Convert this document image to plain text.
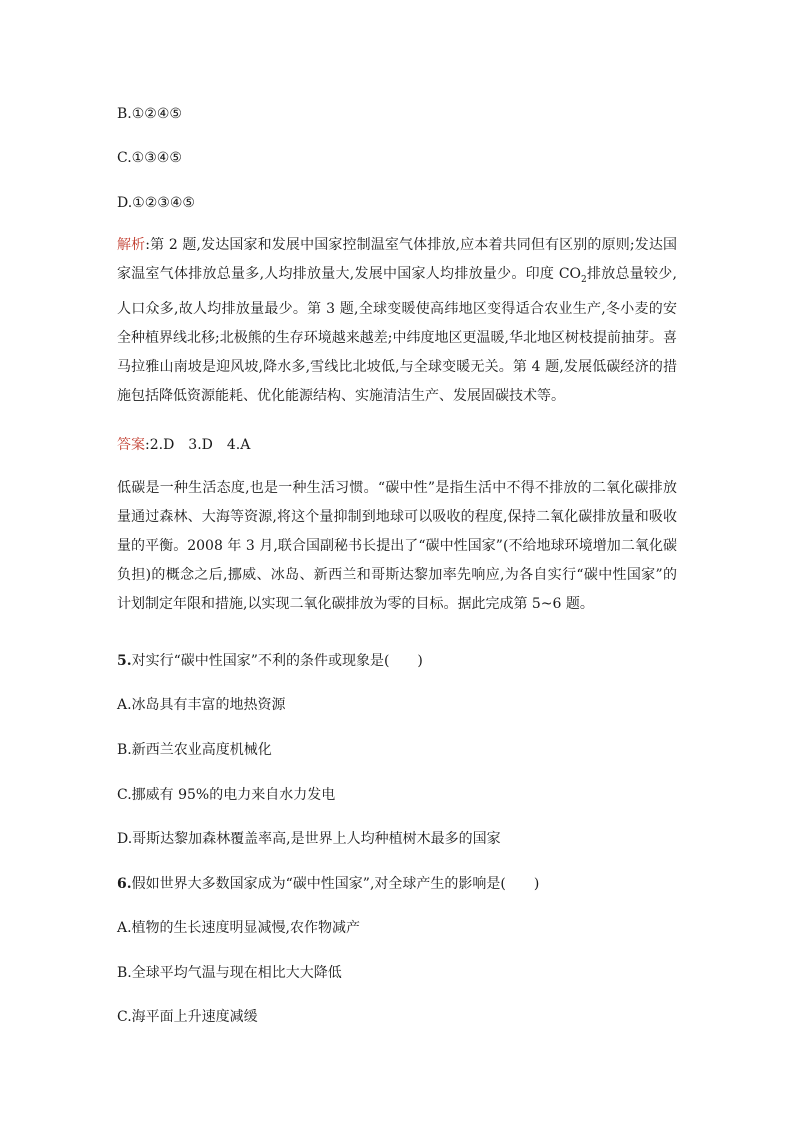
B.①②④⑤
C.①③④⑤
D.①②③④⑤
解析:第 2 题,发达国家和发展中国家控制温室气体排放,应本着共同但有区别的原则;发达国家温室气体排放总量多,人均排放量大,发展中国家人均排放量少。印度 $CO_2$排放总量较少,人口众多,故人均排放量最少。第 3 题,全球变暖使高纬地区变得适合农业生产,冬小麦的安全种植界线北移;北极熊的生存环境越来越差;中纬度地区更温暖,华北地区树枝提前抽芽。喜马拉雅山南坡是迎风坡,降水多,雪线比北坡低,与全球变暖无关。第 4 题,发展低碳经济的措施包括降低资源能耗、优化能源结构、实施清洁生产、发展固碳技术等。
答案:2.D　3.D　4.A
低碳是一种生活态度,也是一种生活习惯。“碳中性”是指生活中不得不排放的二氧化碳排放量通过森林、大海等资源,将这个量抑制到地球可以吸收的程度,保持二氧化碳排放量和吸收量的平衡。2008 年 3 月,联合国副秘书长提出了“碳中性国家”(不给地球环境增加二氧化碳负担)的概念之后,挪威、冰岛、新西兰和哥斯达黎加率先响应,为各自实行“碳中性国家”的计划制定年限和措施,以实现二氧化碳排放为零的目标。据此完成第 5~6 题。
5.对实行“碳中性国家”不利的条件或现象是(　　)
A.冰岛具有丰富的地热资源
B.新西兰农业高度机械化
C.挪威有 95%的电力来自水力发电
D.哥斯达黎加森林覆盖率高,是世界上人均种植树木最多的国家
6.假如世界大多数国家成为“碳中性国家”,对全球产生的影响是(　　)
A.植物的生长速度明显减慢,农作物减产
B.全球平均气温与现在相比大大降低
C.海平面上升速度减缓
